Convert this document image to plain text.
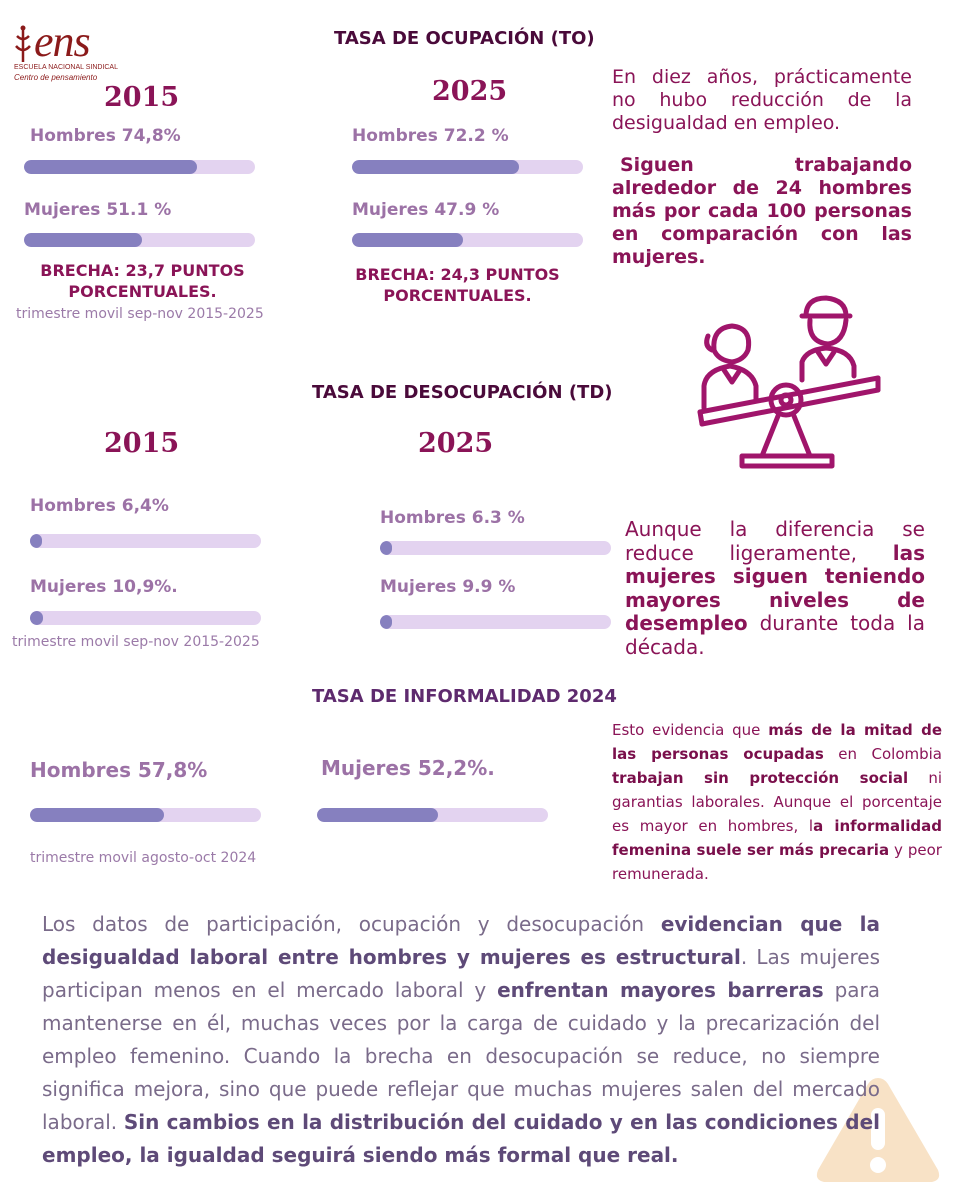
ens
ESCUELA NACIONAL SINDICAL
Centro de pensamiento
TASA DE OCUPACIÓN (TO)
2015
Hombres 74,8%
Mujeres 51.1 %
BRECHA: 23,7 PUNTOS PORCENTUALES.
trimestre movil sep-nov 2015-2025
2025
Hombres 72.2 %
Mujeres 47.9 %
BRECHA: 24,3 PUNTOS PORCENTUALES.
En diez años, prácticamente no hubo reducción de la desigualdad en empleo.
Siguen trabajando alrededor de 24 hombres más por cada 100 personas en comparación con las mujeres.
TASA DE DESOCUPACIÓN (TD)
2015
Hombres 6,4%
Mujeres 10,9%.
trimestre movil sep-nov 2015-2025
2025
Hombres 6.3 %
Mujeres 9.9 %
Aunque la diferencia se reduce ligeramente, las mujeres siguen teniendo mayores niveles de desempleo durante toda la década.
TASA DE INFORMALIDAD 2024
Hombres 57,8%	Mujeres 52,2%.
trimestre movil agosto-oct 2024
Esto evidencia que más de la mitad de las personas ocupadas en Colombia trabajan sin protección social ni garantias laborales. Aunque el porcentaje es mayor en hombres, la informalidad femenina suele ser más precaria y peor remunerada.
Los datos de participación, ocupación y desocupación evidencian que la desigualdad laboral entre hombres y mujeres es estructural. Las mujeres participan menos en el mercado laboral y enfrentan mayores barreras para mantenerse en él, muchas veces por la carga de cuidado y la precarización del empleo femenino. Cuando la brecha en desocupación se reduce, no siempre significa mejora, sino que puede reflejar que muchas mujeres salen del mercado laboral. Sin cambios en la distribución del cuidado y en las condiciones del empleo, la igualdad seguirá siendo más formal que real.
